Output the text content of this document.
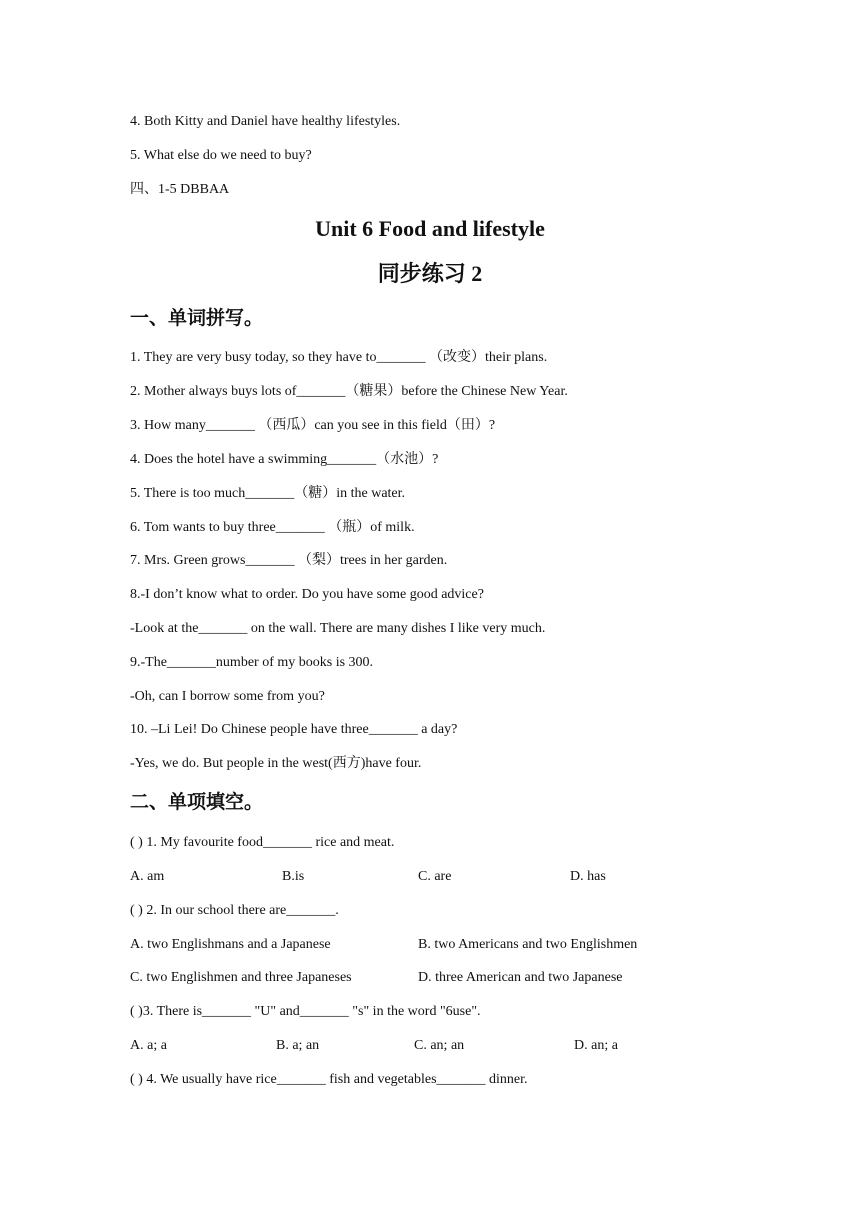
4. Both Kitty and Daniel have healthy lifestyles.
5. What else do we need to buy?
四、1-5 DBBAA
Unit 6 Food and lifestyle
同步练习 2
一、单词拼写。
1. They are very busy today, so they have to_______ （改变）their plans.
2. Mother always buys lots of_______（糖果）before the Chinese New Year.
3. How many_______ （西瓜）can you see in this field（田）?
4. Does the hotel have a swimming_______（水池）?
5. There is too much_______（糖）in the water.
6. Tom wants to buy three_______ （瓶）of milk.
7. Mrs. Green grows_______ （梨）trees in her garden.
8.-I don’t know what to order. Do you have some good advice?
-Look at the_______ on the wall. There are many dishes I like very much.
9.-The_______number of my books is 300.
-Oh, can I borrow some from you?
10. –Li Lei! Do Chinese people have three_______ a day?
-Yes, we do. But people in the west(西方)have four.
二、单项填空。
( ) 1. My favourite food_______ rice and meat.
A. am	B.is	C. are	D. has
( ) 2. In our school there are_______.
A. two Englishmans and a Japanese	B. two Americans and two Englishmen
C. two Englishmen and three Japaneses	D. three American and two Japanese
( )3. There is_______ "U" and_______ "s" in the word "6use".
A. a; a	B. a; an	C. an; an	D. an; a
( ) 4. We usually have rice_______ fish and vegetables_______ dinner.
